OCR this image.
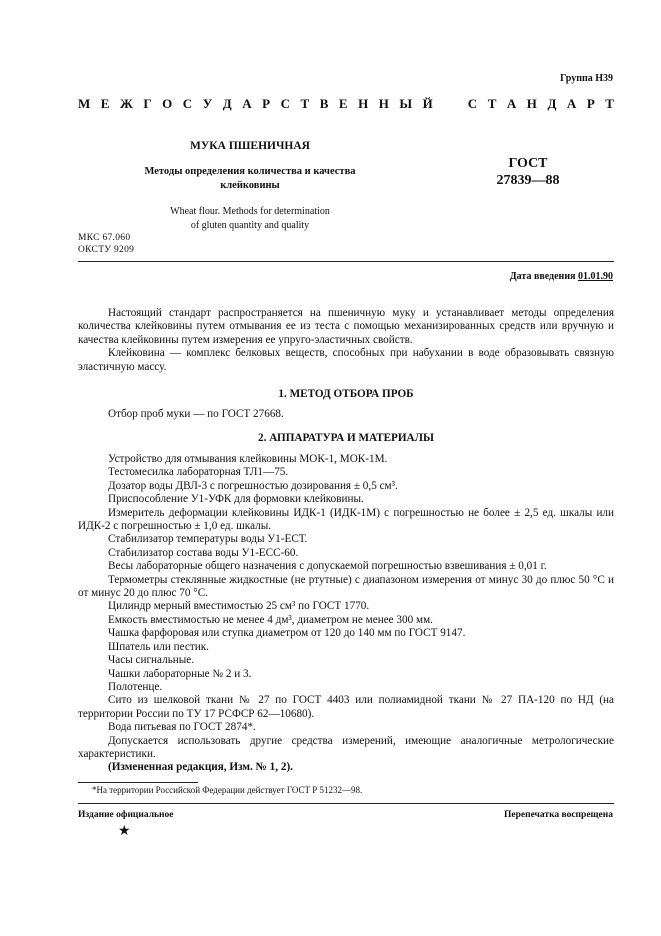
Группа Н39
М Е Ж Г О С У Д А Р С Т В Е Н Н Ы Й	С Т А Н Д А Р Т
МУКА ПШЕНИЧНАЯ
Методы определения количества и качества
клейковины
ГОСТ
27839—88
Wheat flour. Methods for determination
of gluten quantity and quality
МКС 67.060
ОКСТУ 9209
Дата введения 01.01.90

Настоящий стандарт распространяется на пшеничную муку и устанавливает методы определения количества клейковины путем отмывания ее из теста с помощью механизированных средств или вручную и качества клейковины путем измерения ее упруго-эластичных свойств.

Клейковина — комплекс белковых веществ, способных при набухании в воде образовывать связную эластичную массу.

1. МЕТОД ОТБОРА ПРОБ

Отбор проб муки — по ГОСТ 27668.

2. АППАРАТУРА И МАТЕРИАЛЫ

Устройство для отмывания клейковины МОК-1, МОК-1М.

Тестомесилка лабораторная ТЛ1—75.

Дозатор воды ДВЛ-3 с погрешностью дозирования ± 0,5 см³.

Приспособление У1-УФК для формовки клейковины.

Измеритель деформации клейковины ИДК-1 (ИДК-1М) с погрешностью не более ± 2,5 ед. шкалы или ИДК-2 с погрешностью ± 1,0 ед. шкалы.

Стабилизатор температуры воды У1-ЕСТ.

Стабилизатор состава воды У1-ЕСС-60.

Весы лабораторные общего назначения с допускаемой погрешностью взвешивания ± 0,01 г.

Термометры стеклянные жидкостные (не ртутные) с диапазоном измерения от минус 30 до плюс 50 °С и от минус 20 до плюс 70 °С.

Цилиндр мерный вместимостью 25 см³ по ГОСТ 1770.

Емкость вместимостью не менее 4 дм³, диаметром не менее 300 мм.

Чашка фарфоровая или ступка диаметром от 120 до 140 мм по ГОСТ 9147.

Шпатель или пестик.

Часы сигнальные.

Чашки лабораторные № 2 и 3.

Полотенце.

Сито из шелковой ткани № 27 по ГОСТ 4403 или полиамидной ткани № 27 ПА-120 по НД (на территории России по ТУ 17 РСФСР 62—10680).

Вода питьевая по ГОСТ 2874*.

Допускается использовать другие средства измерений, имеющие аналогичные метрологические характеристики.

(Измененная редакция, Изм. № 1, 2).

*На территории Российской Федерации действует ГОСТ Р 51232—98.
Издание официальное	Перепечатка воспрещена
★
